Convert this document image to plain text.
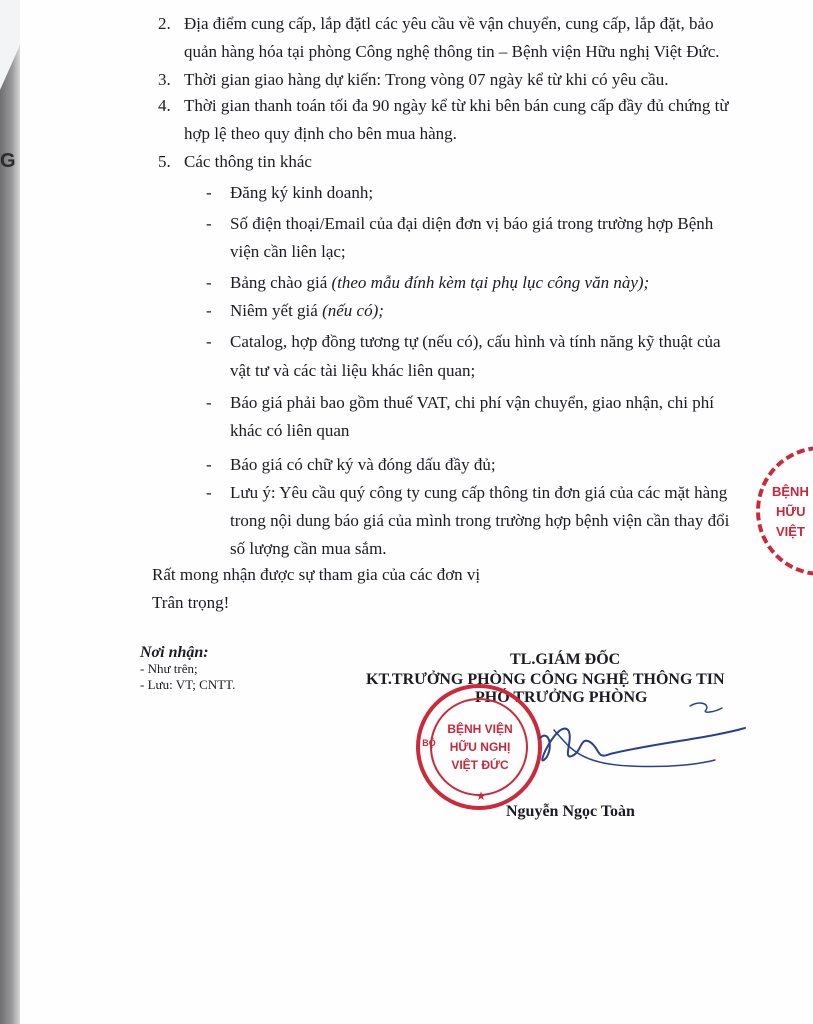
G
2. Địa điểm cung cấp, lắp đặtl các yêu cầu về vận chuyển, cung cấp, lắp đặt, bảo
quản hàng hóa tại phòng Công nghệ thông tin – Bệnh viện Hữu nghị Việt Đức.
3. Thời gian giao hàng dự kiến: Trong vòng 07 ngày kể từ khi có yêu cầu.
4. Thời gian thanh toán tối đa 90 ngày kể từ khi bên bán cung cấp đầy đủ chứng từ
hợp lệ theo quy định cho bên mua hàng.
5. Các thông tin khác
- Đăng ký kinh doanh;
- Số điện thoại/Email của đại diện đơn vị báo giá trong trường hợp Bệnh
viện cần liên lạc;
- Bảng chào giá (theo mẫu đính kèm tại phụ lục công văn này);
- Niêm yết giá (nếu có);
- Catalog, hợp đồng tương tự (nếu có), cấu hình và tính năng kỹ thuật của
vật tư và các tài liệu khác liên quan;
- Báo giá phải bao gồm thuế VAT, chi phí vận chuyển, giao nhận, chi phí
khác có liên quan
- Báo giá có chữ ký và đóng dấu đầy đủ;
- Lưu ý: Yêu cầu quý công ty cung cấp thông tin đơn giá của các mặt hàng
trong nội dung báo giá của mình trong trường hợp bệnh viện cần thay đổi
số lượng cần mua sắm.
Rất mong nhận được sự tham gia của các đơn vị
Trân trọng!
Nơi nhận:
- Như trên;
- Lưu: VT; CNTT.
TL.GIÁM ĐỐC
KT.TRƯỞNG PHÒNG CÔNG NGHỆ THÔNG TIN
PHÓ TRƯỞNG PHÒNG
BỆNH VIỆN
HỮU NGHỊ
VIỆT ĐỨC
BỘ
★
Nguyễn Ngọc Toàn
BỆNH
HỮU
VIỆT
